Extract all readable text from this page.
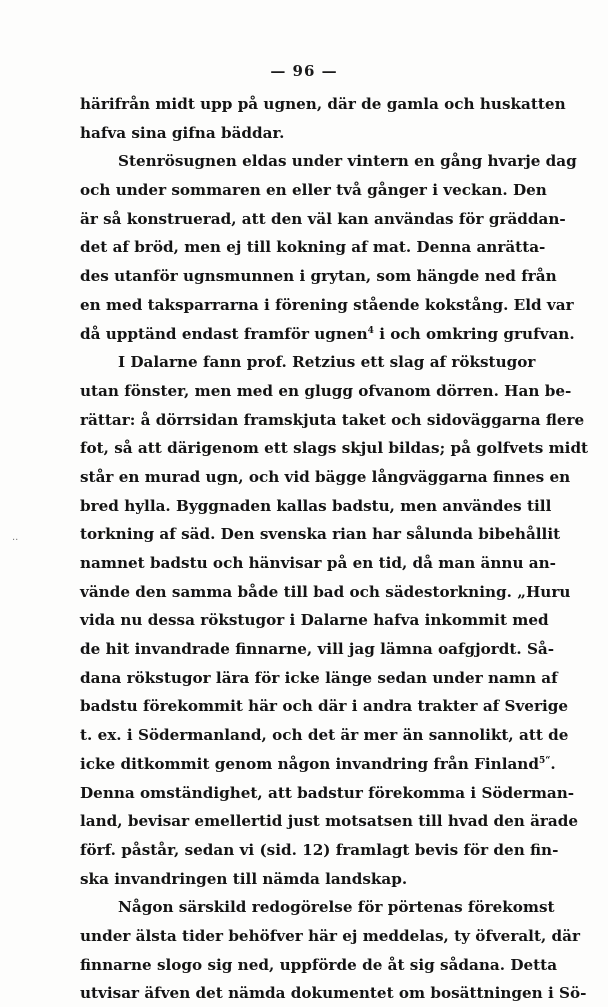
— 96 —
··
härifrån midt upp på ugnen, där de gamla och huskatten
hafva sina gifna bäddar.
Stenrösugnen eldas under vintern en gång hvarje dag
och under sommaren en eller två gånger i veckan. Den
är så konstruerad, att den väl kan användas för gräddan-
det af bröd, men ej till kokning af mat. Denna anrätta-
des utanför ugnsmunnen i grytan, som hängde ned från
en med taksparrarna i förening stående kokstång. Eld var
då upptänd endast framför ugnen$^4$ i och omkring grufvan.
I Dalarne fann prof. Retzius ett slag af rökstugor
utan fönster, men med en glugg ofvanom dörren. Han be-
rättar: å dörrsidan framskjuta taket och sidoväggarna flere
fot, så att därigenom ett slags skjul bildas; på golfvets midt
står en murad ugn, och vid bägge långväggarna finnes en
bred hylla. Byggnaden kallas badstu, men användes till
torkning af säd. Den svenska rian har sålunda bibehållit
namnet badstu och hänvisar på en tid, då man ännu an-
vände den samma både till bad och sädestorkning. „Huru
vida nu dessa rökstugor i Dalarne hafva inkommit med
de hit invandrade finnarne, vill jag lämna oafgjordt. Så-
dana rökstugor lära för icke länge sedan under namn af
badstu förekommit här och där i andra trakter af Sverige
t. ex. i Södermanland, och det är mer än sannolikt, att de
icke ditkommit genom någon invandring från Finland$^{5“}$.
Denna omständighet, att badstur förekomma i Söderman-
land, bevisar emellertid just motsatsen till hvad den ärade
förf. påstår, sedan vi (sid. 12) framlagt bevis för den fin-
ska invandringen till nämda landskap.
Någon särskild redogörelse för pörtenas förekomst
under älsta tider behöfver här ej meddelas, ty öfveralt, där
finnarne slogo sig ned, uppförde de åt sig sådana. Detta
utvisar äfven det nämda dokumentet om bosättningen i Sö-
